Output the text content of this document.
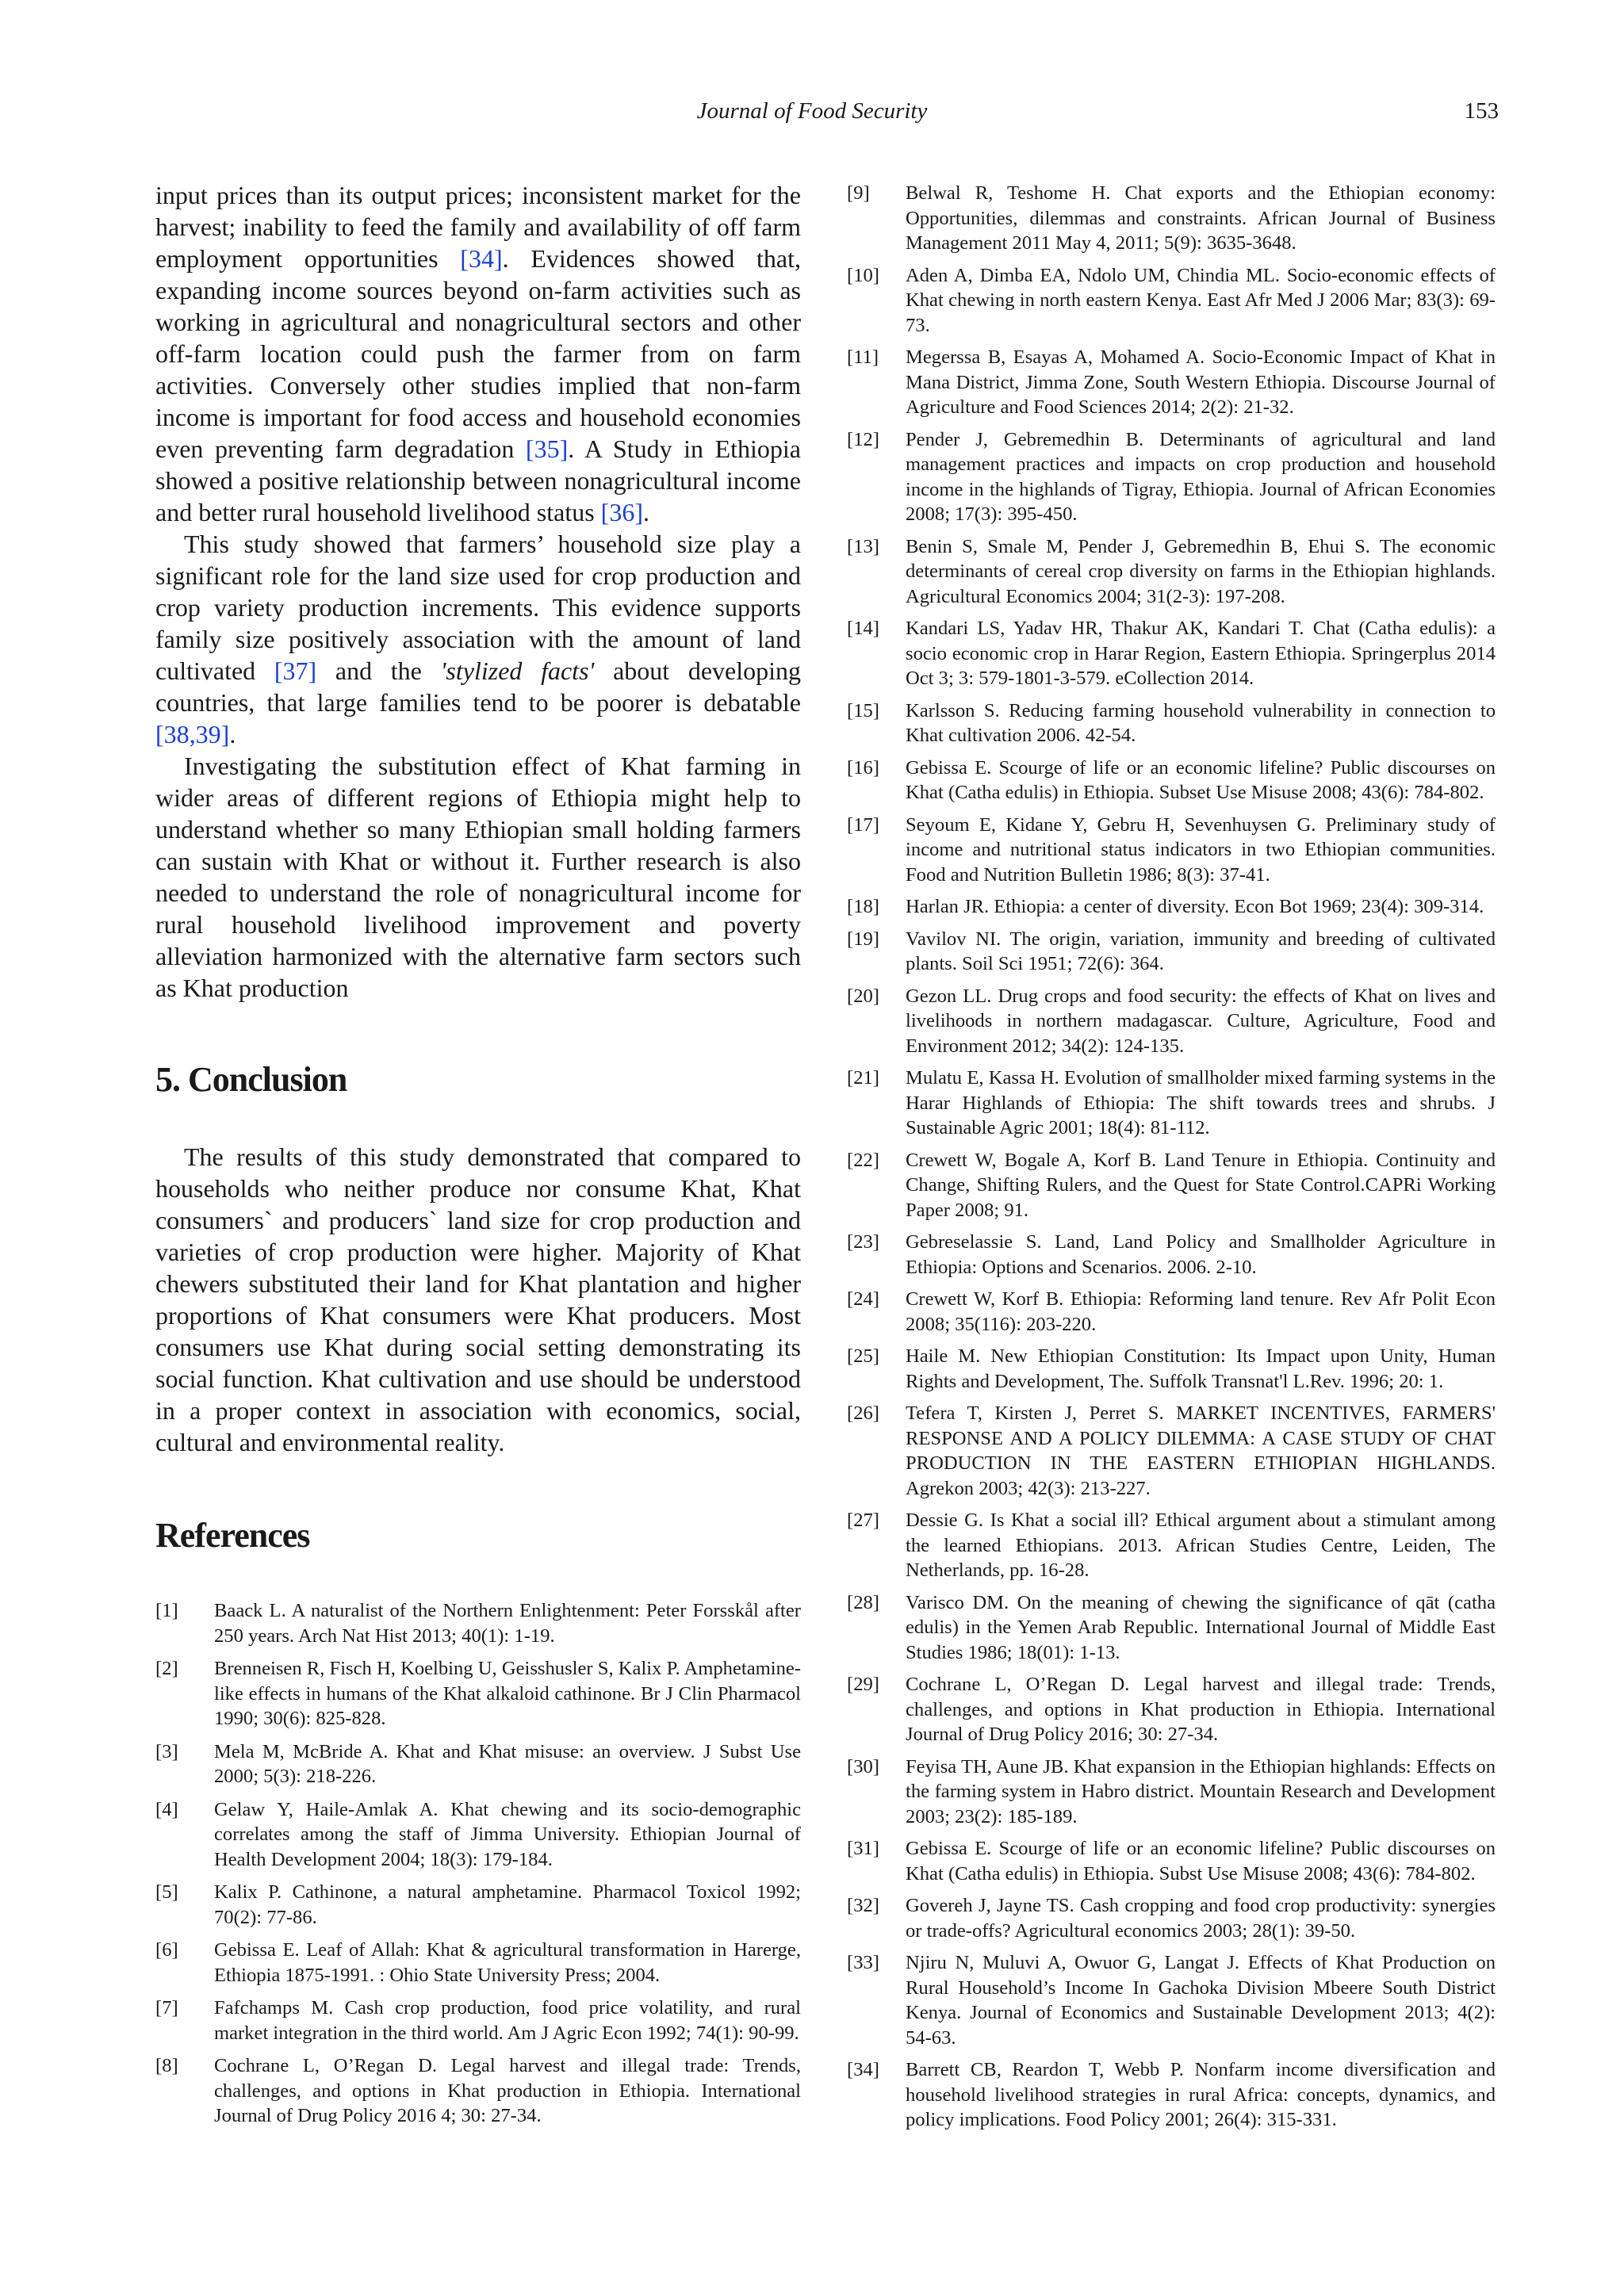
Journal of Food Security	153

input prices than its output prices; inconsistent market for the harvest; inability to feed the family and availability of off farm employment opportunities [34]. Evidences showed that, expanding income sources beyond on-farm activities such as working in agricultural and nonagricultural sectors and other off-farm location could push the farmer from on farm activities. Conversely other studies implied that non-farm income is important for food access and household economies even preventing farm degradation [35]. A Study in Ethiopia showed a positive relationship between nonagricultural income and better rural household livelihood status [36].

This study showed that farmers’ household size play a significant role for the land size used for crop production and crop variety production increments. This evidence supports family size positively association with the amount of land cultivated [37] and the 'stylized facts' about developing countries, that large families tend to be poorer is debatable [38,39].

Investigating the substitution effect of Khat farming in wider areas of different regions of Ethiopia might help to understand whether so many Ethiopian small holding farmers can sustain with Khat or without it. Further research is also needed to understand the role of nonagricultural income for rural household livelihood improvement and poverty alleviation harmonized with the alternative farm sectors such as Khat production

5. Conclusion

The results of this study demonstrated that compared to households who neither produce nor consume Khat, Khat consumers` and producers` land size for crop production and varieties of crop production were higher. Majority of Khat chewers substituted their land for Khat plantation and higher proportions of Khat consumers were Khat producers. Most consumers use Khat during social setting demonstrating its social function. Khat cultivation and use should be understood in a proper context in association with economics, social, cultural and environmental reality.

References
[1] Baack L. A naturalist of the Northern Enlightenment: Peter Forsskål after 250 years. Arch Nat Hist 2013; 40(1): 1-19.
[2] Brenneisen R, Fisch H, Koelbing U, Geisshusler S, Kalix P. Amphetamine-like effects in humans of the Khat alkaloid cathinone. Br J Clin Pharmacol 1990; 30(6): 825-828.
[3] Mela M, McBride A. Khat and Khat misuse: an overview. J Subst Use 2000; 5(3): 218-226.
[4] Gelaw Y, Haile-Amlak A. Khat chewing and its socio-demographic correlates among the staff of Jimma University. Ethiopian Journal of Health Development 2004; 18(3): 179-184.
[5] Kalix P. Cathinone, a natural amphetamine. Pharmacol Toxicol 1992; 70(2): 77-86.
[6] Gebissa E. Leaf of Allah: Khat & agricultural transformation in Harerge, Ethiopia 1875-1991. : Ohio State University Press; 2004.
[7] Fafchamps M. Cash crop production, food price volatility, and rural market integration in the third world. Am J Agric Econ 1992; 74(1): 90-99.
[8] Cochrane L, O’Regan D. Legal harvest and illegal trade: Trends, challenges, and options in Khat production in Ethiopia. International Journal of Drug Policy 2016 4; 30: 27-34.
[9] Belwal R, Teshome H. Chat exports and the Ethiopian economy: Opportunities, dilemmas and constraints. African Journal of Business Management 2011 May 4, 2011; 5(9): 3635-3648.
[10] Aden A, Dimba EA, Ndolo UM, Chindia ML. Socio-economic effects of Khat chewing in north eastern Kenya. East Afr Med J 2006 Mar; 83(3): 69-73.
[11] Megerssa B, Esayas A, Mohamed A. Socio-Economic Impact of Khat in Mana District, Jimma Zone, South Western Ethiopia. Discourse Journal of Agriculture and Food Sciences 2014; 2(2): 21-32.
[12] Pender J, Gebremedhin B. Determinants of agricultural and land management practices and impacts on crop production and household income in the highlands of Tigray, Ethiopia. Journal of African Economies 2008; 17(3): 395-450.
[13] Benin S, Smale M, Pender J, Gebremedhin B, Ehui S. The economic determinants of cereal crop diversity on farms in the Ethiopian highlands. Agricultural Economics 2004; 31(2-3): 197-208.
[14] Kandari LS, Yadav HR, Thakur AK, Kandari T. Chat (Catha edulis): a socio economic crop in Harar Region, Eastern Ethiopia. Springerplus 2014 Oct 3; 3: 579-1801-3-579. eCollection 2014.
[15] Karlsson S. Reducing farming household vulnerability in connection to Khat cultivation 2006. 42-54.
[16] Gebissa E. Scourge of life or an economic lifeline? Public discourses on Khat (Catha edulis) in Ethiopia. Subset Use Misuse 2008; 43(6): 784-802.
[17] Seyoum E, Kidane Y, Gebru H, Sevenhuysen G. Preliminary study of income and nutritional status indicators in two Ethiopian communities. Food and Nutrition Bulletin 1986; 8(3): 37-41.
[18] Harlan JR. Ethiopia: a center of diversity. Econ Bot 1969; 23(4): 309-314.
[19] Vavilov NI. The origin, variation, immunity and breeding of cultivated plants. Soil Sci 1951; 72(6): 364.
[20] Gezon LL. Drug crops and food security: the effects of Khat on lives and livelihoods in northern madagascar. Culture, Agriculture, Food and Environment 2012; 34(2): 124-135.
[21] Mulatu E, Kassa H. Evolution of smallholder mixed farming systems in the Harar Highlands of Ethiopia: The shift towards trees and shrubs. J Sustainable Agric 2001; 18(4): 81-112.
[22] Crewett W, Bogale A, Korf B. Land Tenure in Ethiopia. Continuity and Change, Shifting Rulers, and the Quest for State Control.CAPRi Working Paper 2008; 91.
[23] Gebreselassie S. Land, Land Policy and Smallholder Agriculture in Ethiopia: Options and Scenarios. 2006. 2-10.
[24] Crewett W, Korf B. Ethiopia: Reforming land tenure. Rev Afr Polit Econ 2008; 35(116): 203-220.
[25] Haile M. New Ethiopian Constitution: Its Impact upon Unity, Human Rights and Development, The. Suffolk Transnat'l L.Rev. 1996; 20: 1.
[26] Tefera T, Kirsten J, Perret S. MARKET INCENTIVES, FARMERS' RESPONSE AND A POLICY DILEMMA: A CASE STUDY OF CHAT PRODUCTION IN THE EASTERN ETHIOPIAN HIGHLANDS. Agrekon 2003; 42(3): 213-227.
[27] Dessie G. Is Khat a social ill? Ethical argument about a stimulant among the learned Ethiopians. 2013. African Studies Centre, Leiden, The Netherlands, pp. 16-28.
[28] Varisco DM. On the meaning of chewing the significance of qāt (catha edulis) in the Yemen Arab Republic. International Journal of Middle East Studies 1986; 18(01): 1-13.
[29] Cochrane L, O’Regan D. Legal harvest and illegal trade: Trends, challenges, and options in Khat production in Ethiopia. International Journal of Drug Policy 2016; 30: 27-34.
[30] Feyisa TH, Aune JB. Khat expansion in the Ethiopian highlands: Effects on the farming system in Habro district. Mountain Research and Development 2003; 23(2): 185-189.
[31] Gebissa E. Scourge of life or an economic lifeline? Public discourses on Khat (Catha edulis) in Ethiopia. Subst Use Misuse 2008; 43(6): 784-802.
[32] Govereh J, Jayne TS. Cash cropping and food crop productivity: synergies or trade-offs? Agricultural economics 2003; 28(1): 39-50.
[33] Njiru N, Muluvi A, Owuor G, Langat J. Effects of Khat Production on Rural Household’s Income In Gachoka Division Mbeere South District Kenya. Journal of Economics and Sustainable Development 2013; 4(2): 54-63.
[34] Barrett CB, Reardon T, Webb P. Nonfarm income diversification and household livelihood strategies in rural Africa: concepts, dynamics, and policy implications. Food Policy 2001; 26(4): 315-331.
